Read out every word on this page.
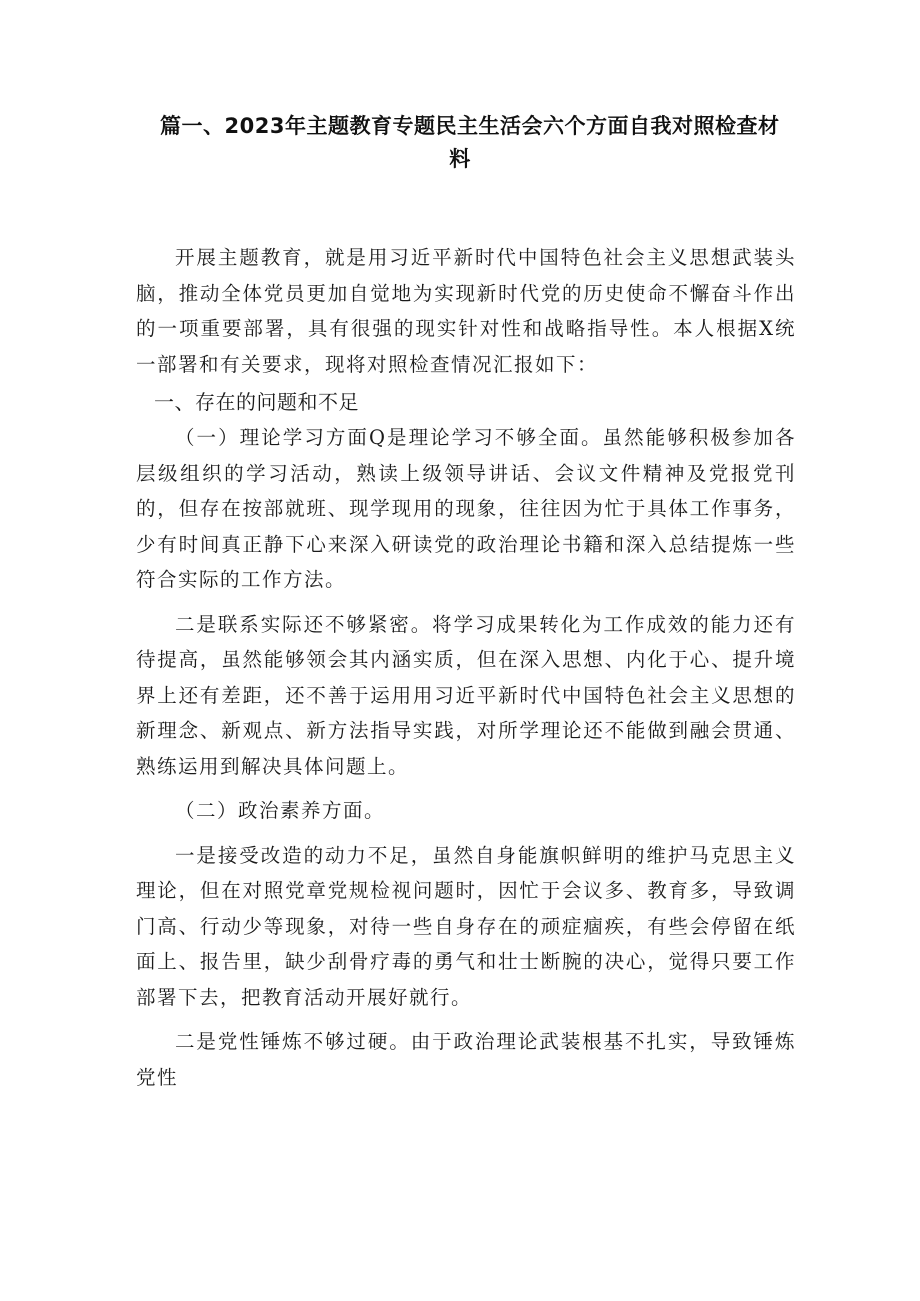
篇一、2023年主题教育专题民主生活会六个方面自我对照检查材
料

开展主题教育，就是用习近平新时代中国特色社会主义思想武装头脑，推动全体党员更加自觉地为实现新时代党的历史使命不懈奋斗作出的一项重要部署，具有很强的现实针对性和战略指导性。本人根据X统一部署和有关要求，现将对照检查情况汇报如下：

一、存在的问题和不足

（一）理论学习方面Q是理论学习不够全面。虽然能够积极参加各层级组织的学习活动，熟读上级领导讲话、会议文件精神及党报党刊的，但存在按部就班、现学现用的现象，往往因为忙于具体工作事务，少有时间真正静下心来深入研读党的政治理论书籍和深入总结提炼一些符合实际的工作方法。

二是联系实际还不够紧密。将学习成果转化为工作成效的能力还有待提高，虽然能够领会其内涵实质，但在深入思想、内化于心、提升境界上还有差距，还不善于运用用习近平新时代中国特色社会主义思想的新理念、新观点、新方法指导实践，对所学理论还不能做到融会贯通、熟练运用到解决具体问题上。

（二）政治素养方面。

一是接受改造的动力不足，虽然自身能旗帜鲜明的维护马克思主义理论，但在对照党章党规检视问题时，因忙于会议多、教育多，导致调门高、行动少等现象，对待一些自身存在的顽症痼疾，有些会停留在纸面上、报告里，缺少刮骨疗毒的勇气和壮士断腕的决心，觉得只要工作部署下去，把教育活动开展好就行。

二是党性锤炼不够过硬。由于政治理论武装根基不扎实，导致锤炼党性
